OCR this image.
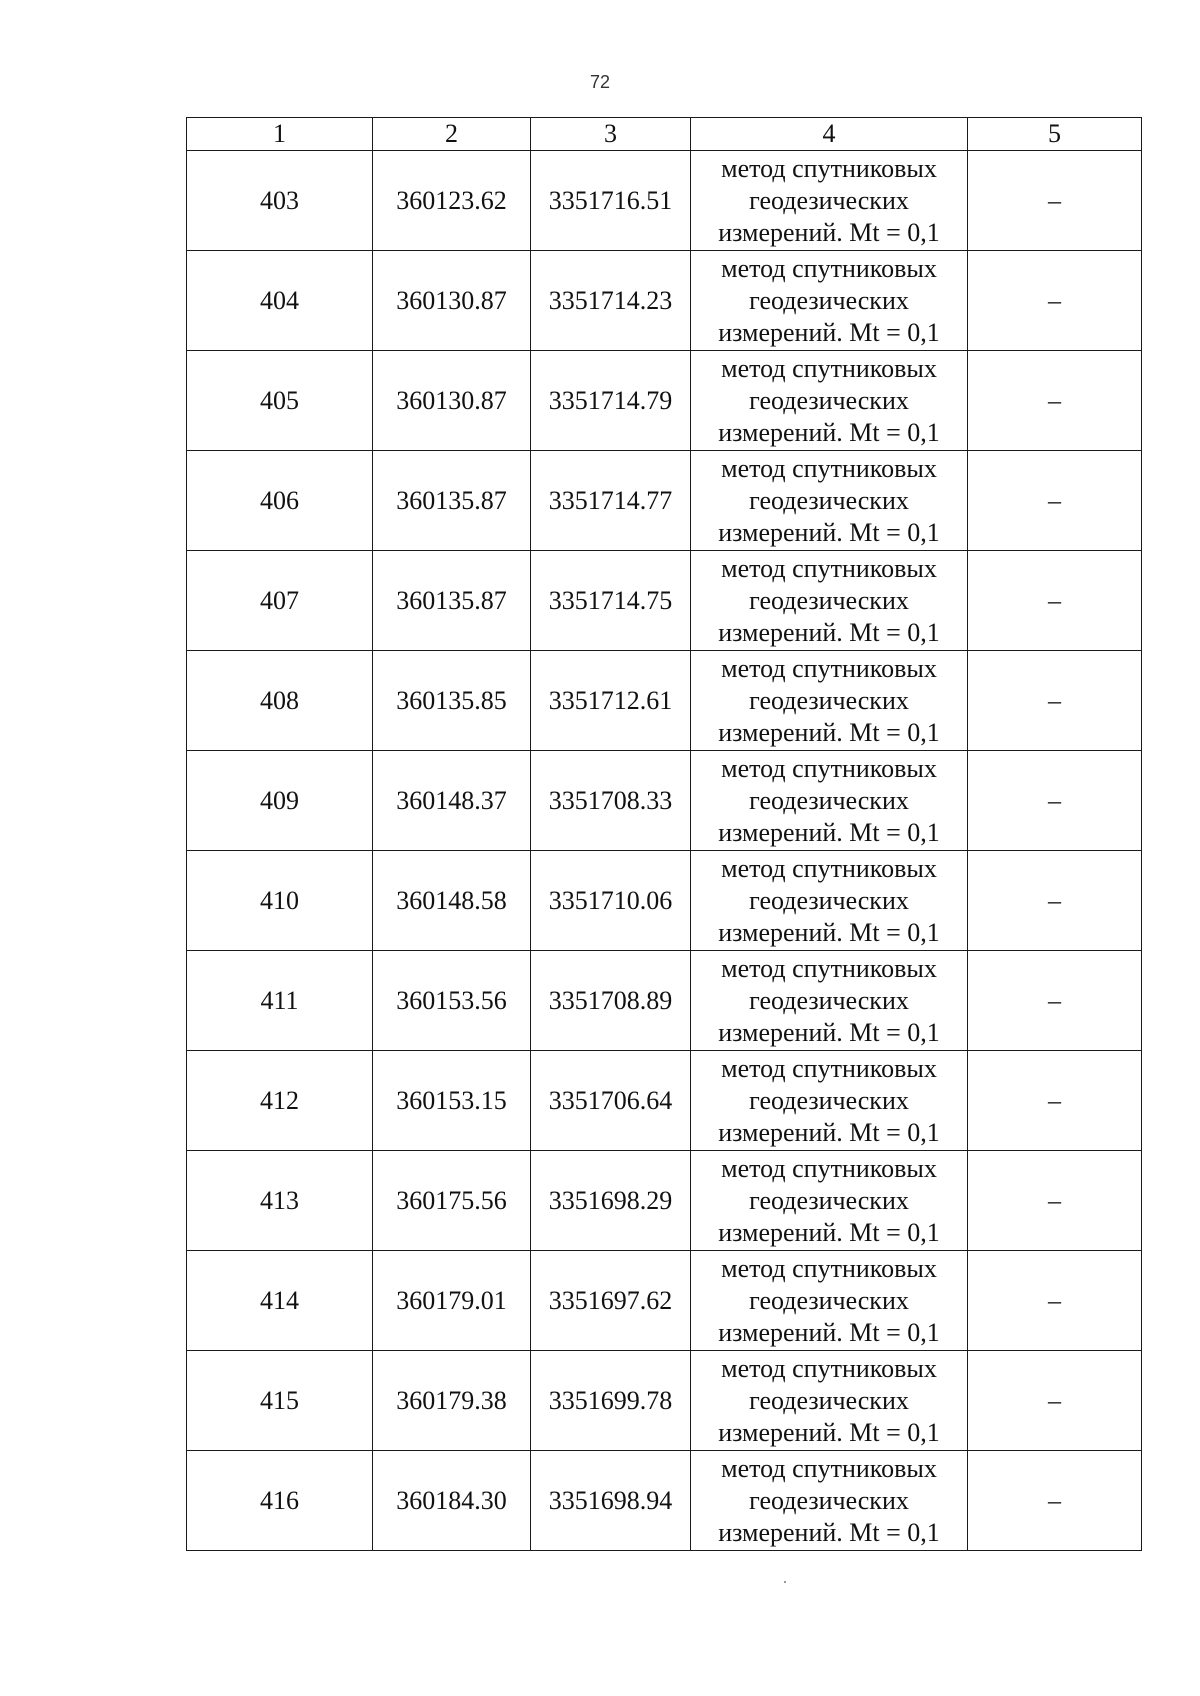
72
1	2	3	4	5
403	360123.62	3351716.51	метод спутниковых
геодезических
измерений. Mt = 0,1	–
404	360130.87	3351714.23	метод спутниковых
геодезических
измерений. Mt = 0,1	–
405	360130.87	3351714.79	метод спутниковых
геодезических
измерений. Mt = 0,1	–
406	360135.87	3351714.77	метод спутниковых
геодезических
измерений. Mt = 0,1	–
407	360135.87	3351714.75	метод спутниковых
геодезических
измерений. Mt = 0,1	–
408	360135.85	3351712.61	метод спутниковых
геодезических
измерений. Mt = 0,1	–
409	360148.37	3351708.33	метод спутниковых
геодезических
измерений. Mt = 0,1	–
410	360148.58	3351710.06	метод спутниковых
геодезических
измерений. Mt = 0,1	–
411	360153.56	3351708.89	метод спутниковых
геодезических
измерений. Mt = 0,1	–
412	360153.15	3351706.64	метод спутниковых
геодезических
измерений. Mt = 0,1	–
413	360175.56	3351698.29	метод спутниковых
геодезических
измерений. Mt = 0,1	–
414	360179.01	3351697.62	метод спутниковых
геодезических
измерений. Mt = 0,1	–
415	360179.38	3351699.78	метод спутниковых
геодезических
измерений. Mt = 0,1	–
416	360184.30	3351698.94	метод спутниковых
геодезических
измерений. Mt = 0,1	–
